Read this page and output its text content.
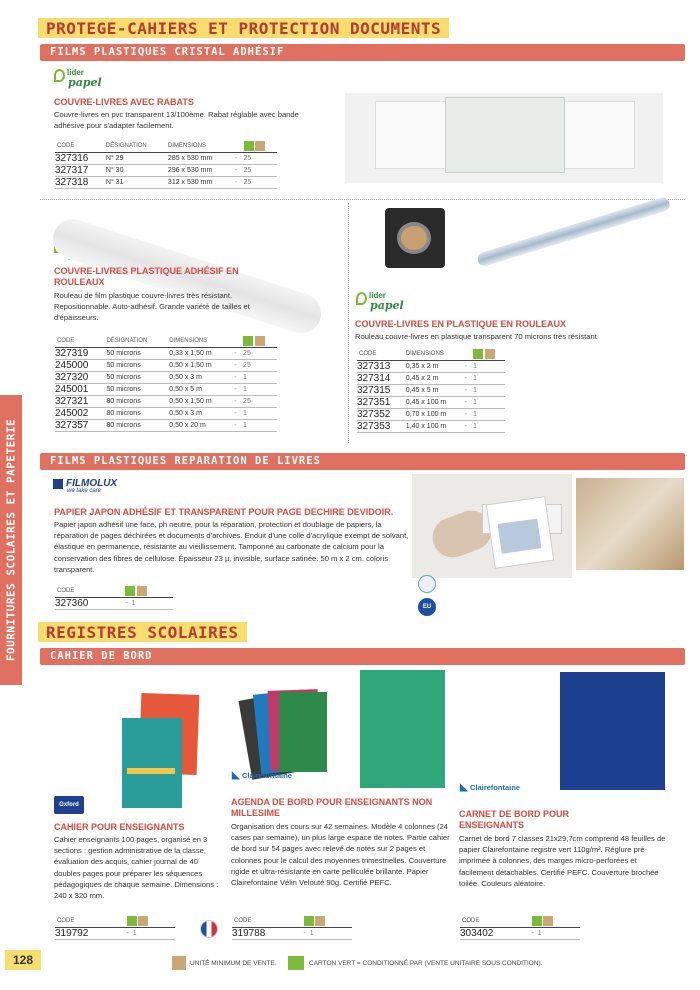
FOURNITURES SCOLAIRES ET PAPETERIE
PROTEGE-CAHIERS ET PROTECTION DOCUMENTS
FILMS PLASTIQUES CRISTAL ADHÉSIF
lider
papel
COUVRE-LIVRES AVEC RABATS
Couvre-livres en pvc transparent 13/100ème. Rabat réglable avec bande adhésive pour s'adapter facilement.
CODE	DÉSIGNATION	DIMENSIONS		
327316	N° 29	285 x 530 mm	-	25
327317	N° 30	296 x 530 mm	-	25
327318	N° 31	312 x 530 mm	-	25
COUVRE-LIVRES PLASTIQUE ADHÉSIF EN ROULEAUX
Rouleau de film plastique couvre-livres très résistant. Repositionnable. Auto-adhésif. Grande variété de tailles et d'épaisseurs.
CODE	DÉSIGNATION	DIMENSIONS		
327319	50 microns	0,33 x 1,50 m	-	25
245000	50 microns	0,50 x 1,50 m	-	25
327320	50 microns	0,50 x 3 m	-	1
245001	50 microns	0,50 x 5 m	-	1
327321	80 microns	0,50 x 1,50 m	-	25
245002	80 microns	0,50 x 3 m	-	1
327357	80 microns	0,50 x 20 m	-	1
lider
papel
COUVRE-LIVRES EN PLASTIQUE EN ROULEAUX
Rouleau couvre-livres en plastique transparent 70 microns très résistant
CODE	DIMENSIONS		
327313	0,35 x 2 m	-	1
327314	0,45 x 2 m	-	1
327315	0,45 x 5 m	-	1
327351	0,45 x 100 m	-	1
327352	0,70 x 100 m	-	1
327353	1,40 x 100 m	-	1
FILMS PLASTIQUES REPARATION DE LIVRES
FILMOLUX
we take care
PAPIER JAPON ADHÉSIF ET TRANSPARENT POUR PAGE DECHIRE DEVIDOIR.
Papier japon adhésif une face, ph neutre, pour la réparation, protection et doublage de papiers, la réparation de pages déchirées et documents d'archives. Enduit d'une colle d'acrylique exempt de solvant, élastique en permanence, résistante au vieillissement. Tamponné au carbonate de calcium pour la conservation des fibres de cellulose. Épaisseur 23 µ, invisible, surface satinée. 50 m x 2 cm. coloris transparent.
CODE	
327360	- 1
EU
REGISTRES SCOLAIRES
CAHIER DE BORD
◣ Clairefontaine
◣ Clairefontaine
Oxford
CAHIER POUR ENSEIGNANTS
Cahier enseignants 100 pages, organisé en 3 sections : gestion administrative de la classe, évaluation des acquis, cahier journal de 40 doubles pages pour préparer les séquences pédagogiques de chaque semaine. Dimensions : 240 x 320 mm.
CODE	
319792	- 1
AGENDA DE BORD POUR ENSEIGNANTS NON MILLESIME
Organisation des cours sur 42 semaines. Modèle 4 colonnes (24 cases par semaine), un plus large espace de notes. Partie cahier de bord sur 54 pages avec relevé de notes sur 2 pages et colonnes pour le calcul des moyennes trimestrielles. Couverture rigide et ultra-résistante en carte pelliculée brillante. Papier Clairefontaine Vélin Velouté 90g. Certifié PEFC.
CODE	
319788	- 1
CARNET DE BORD POUR ENSEIGNANTS
Carnet de bord 7 classes 21x29,7cm comprend 48 feuilles de papier Clairefontaine registre vert 110g/m². Réglure pré-imprimée à colonnes, des marges micro-perforées et facilement détachables. Certifié PEFC. Couverture brochée toilée. Couleurs aléatoire.
CODE	
303402	- 1
128	UNITÉ MINIMUM DE VENTE.	CARTON VERT = CONDITIONNÉ PAR (VENTE UNITAIRE SOUS CONDITION).
